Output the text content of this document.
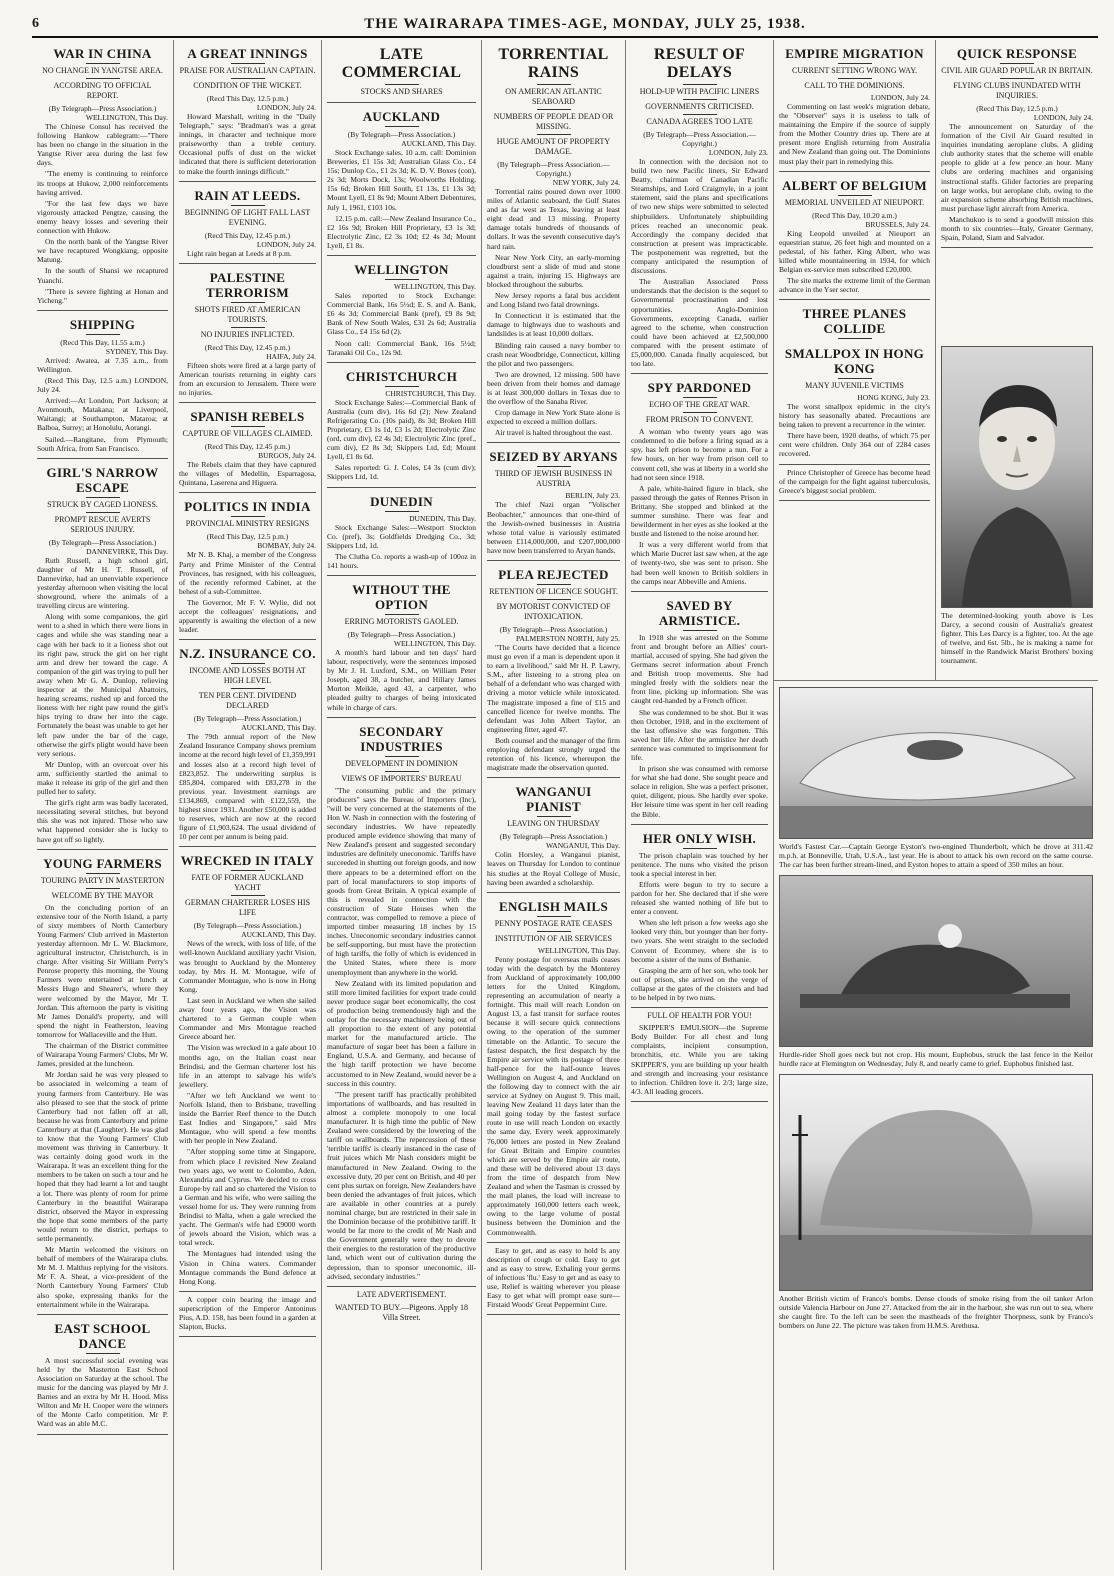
6	THE WAIRARAPA TIMES-AGE, MONDAY, JULY 25, 1938.
WAR IN CHINA
NO CHANGE IN YANGTSE AREA.
ACCORDING TO OFFICIAL REPORT.

(By Telegraph—Press Association.)

WELLINGTON, This Day.

The Chinese Consul has received the following Hankow cablegram:—"There has been no change in the situation in the Yangtse River area during the last few days.

"The enemy is continuing to reinforce its troops at Hukow, 2,000 reinforcements having arrived.

"For the last few days we have vigorously attacked Pengtze, causing the enemy heavy losses and severing their connection with Hukow.

On the north bank of the Yangtse River we have recaptured Wongkiang, opposite Matung.

In the south of Shansi we recaptured Yuanchi.

"There is severe fighting at Honan and Yicheng."

SHIPPING

(Recd This Day, 11.55 a.m.)

SYDNEY, This Day.

Arrived: Awatea, at 7.35 a.m., from Wellington.

(Recd This Day, 12.5 a.m.) LONDON, July 24.

Arrived:—At London, Port Jackson; at Avonmouth, Matakana; at Liverpool, Waitangi; at Southampton, Mataroa; at Balboa, Surrey; at Honolulu, Aorangi.

Sailed.—Rangitane, from Plymouth; South Africa, from San Francisco.

GIRL'S NARROW ESCAPE
STRUCK BY CAGED LIONESS.
PROMPT RESCUE AVERTS SERIOUS INJURY.

(By Telegraph—Press Association.)

DANNEVIRKE, This Day.

Ruth Russell, a high school girl, daughter of Mr H. T. Russell, of Dannevirke, had an unenviable experience yesterday afternoon when visiting the local showground, where the animals of a travelling circus are wintering.

Along with some companions, the girl went to a shed in which there were lions in cages and while she was standing near a cage with her back to it a lioness shot out its right paw, struck the girl on her right arm and drew her toward the cage. A companion of the girl was trying to pull her away when Mr G. A. Dunlop, relieving inspector at the Municipal Abattoirs, hearing screams, rushed up and forced the lioness with her right paw round the girl's hips trying to draw her into the cage. Fortunately the beast was unable to get her left paw under the bar of the cage, otherwise the girl's plight would have been very serious.

Mr Dunlop, with an overcoat over his arm, sufficiently startled the animal to make it release its grip of the girl and then pulled her to safety.

The girl's right arm was badly lacerated, necessitating several stitches, but beyond this she was not injured. Those who saw what happened consider she is lucky to have got off so lightly.

YOUNG FARMERS
TOURING PARTY IN MASTERTON
WELCOME BY THE MAYOR

On the concluding portion of an extensive tour of the North Island, a party of sixty members of North Canterbury Young Farmers' Club arrived in Masterton yesterday afternoon. Mr L. W. Blackmore, agricultural instructor, Christchurch, is in charge. After visiting Sir William Perry's Penrose property this morning, the Young Farmers were entertained at lunch at Messrs Hugo and Shearer's, where they were welcomed by the Mayor, Mr T. Jordan. This afternoon the party is visiting Mr James Donald's property, and will spend the night in Featherston, leaving tomorrow for Wallaceville and the Hutt.

The chairman of the District committee of Wairarapa Young Farmers' Clubs, Mr W. James, presided at the luncheon.

Mr Jordan said he was very pleased to be associated in welcoming a team of young farmers from Canterbury. He was also pleased to see that the stock of prime Canterbury had not fallen off at all, because he was from Canterbury and prime Canterbury at that (Laughter). He was glad to know that the Young Farmers' Club movement was thriving in Canterbury. It was certainly doing good work in the Wairarapa. It was an excellent thing for the members to be taken on such a tour and he hoped that they had learnt a lot and taught a lot. There was plenty of room for prime Canterbury in the beautiful Wairarapa district, observed the Mayor in expressing the hope that some members of the party would return to the district, perhaps to settle permanently.

Mr Martin welcomed the visitors on behalf of members of the Wairarapa clubs. Mr M. J. Malthus replying for the visitors. Mr F. A. Sheat, a vice-president of the North Canterbury Young Farmers' Club also spoke, expressing thanks for the entertainment while in the Wairarapa.

EAST SCHOOL DANCE

A most successful social evening was held by the Masterton East School Association on Saturday at the school. The music for the dancing was played by Mr J. Barnes and an extra by Mr H. Hood. Miss Wilton and Mr H. Cooper were the winners of the Monte Carlo competition. Mr P. Ward was an able M.C.

A GREAT INNINGS
PRAISE FOR AUSTRALIAN CAPTAIN.
CONDITION OF THE WICKET.

(Recd This Day, 12.5 p.m.)

LONDON, July 24.

Howard Marshall, writing in the "Daily Telegraph," says: "Bradman's was a great innings, in character and technique more praiseworthy than a treble century. Occasional puffs of dust on the wicket indicated that there is sufficient deterioration to make the fourth innings difficult."

RAIN AT LEEDS.
BEGINNING OF LIGHT FALL LAST EVENING.

(Recd This Day, 12.45 p.m.)

LONDON, July 24.

Light rain began at Leeds at 8 p.m.

PALESTINE TERRORISM
SHOTS FIRED AT AMERICAN TOURISTS.
NO INJURIES INFLICTED.

(Recd This Day, 12.45 p.m.)

HAIFA, July 24.

Fifteen shots were fired at a large party of American tourists returning in eighty cars from an excursion to Jerusalem. There were no injuries.

SPANISH REBELS
CAPTURE OF VILLAGES CLAIMED.

(Recd This Day, 12.45 p.m.)

BURGOS, July 24.

The Rebels claim that they have captured the villages of Medellin, Esparragosa, Quintana, Laserena and Higuera.

POLITICS IN INDIA
PROVINCIAL MINISTRY RESIGNS

(Recd This Day, 12.5 p.m.)

BOMBAY, July 24.

Mr N. B. Khaj, a member of the Congress Party and Prime Minister of the Central Provinces, has resigned, with his colleagues, of the recently reformed Cabinet, at the behest of a sub-Committee.

The Governor, Mr F. V. Wylie, did not accept the colleagues' resignations, and apparently is awaiting the election of a new leader.

N.Z. INSURANCE CO.
INCOME AND LOSSES BOTH AT HIGH LEVEL
TEN PER CENT. DIVIDEND DECLARED

(By Telegraph—Press Association.)

AUCKLAND, This Day.

The 79th annual report of the New Zealand Insurance Company shows premium income at the record high level of £1,359,991 and losses also at a record high level of £823,852. The underwriting surplus is £85,804, compared with £83,278 in the previous year. Investment earnings are £134,869, compared with £122,559, the highest since 1931. Another £50,000 is added to reserves, which are now at the record figure of £1,903,624. The usual dividend of 10 per cent per annum is being paid.

WRECKED IN ITALY
FATE OF FORMER AUCKLAND YACHT
GERMAN CHARTERER LOSES HIS LIFE

(By Telegraph—Press Association.)

AUCKLAND, This Day.

News of the wreck, with loss of life, of the well-known Auckland auxiliary yacht Vision, was brought to Auckland by the Monterey today, by Mrs H. M. Montague, wife of Commander Montague, who is now in Hong Kong.

Last seen in Auckland we when she sailed away four years ago, the Vision was chartered to a German couple when Commander and Mrs Montague reached Greece aboard her.

The Vision was wrecked in a gale about 10 months ago, on the Italian coast near Brindisi, and the German charterer lost his life in an attempt to salvage his wife's jewellery.

"After we left Auckland we went to Norfolk Island, then to Brisbane, travelling inside the Barrier Reef thence to the Dutch East Indies and Singapore," said Mrs Montague, who will spend a few months with her people in New Zealand.

"After stopping some time at Singapore, from which place I revisited New Zealand two years ago, we went to Colombo, Aden, Alexandria and Cyprus. We decided to cross Europe by rail and so chartered the Vision to a German and his wife, who were sailing the vessel home for us. They were running from Brindisi to Malta, when a gale wrecked the yacht. The German's wife had £9000 worth of jewels aboard the Vision, which was a total wreck.

The Montagues had intended using the Vision in China waters. Commander Montague commands the Bund defence at Hong Kong.

A copper coin bearing the image and superscription of the Emperor Antoninus Pius, A.D. 158, has been found in a garden at Slapton, Bucks.

LATE COMMERCIAL
STOCKS AND SHARES
AUCKLAND

(By Telegraph—Press Association.)

AUCKLAND, This Day.

Stock Exchange sales, 10 a.m. call: Dominion Breweries, £1 15s 3d; Australian Glass Co., £4 15s; Dunlop Co., £1 2s 3d; K. D. V. Boxes (con), 2s 3d; Morts Dock, 13s; Woolworths Holding, 15s 6d; Broken Hill South, £1 13s, £1 13s 3d; Mount Lyell, £1 8s 9d; Mount Albert Debentures, July 1, 1961, £103 10s.

12.15 p.m. call:—New Zealand Insurance Co., £2 16s 9d; Broken Hill Proprietary, £3 1s 3d; Electrolytic Zinc, £2 3s 10d; £2 4s 3d; Mount Lyell, £1 8s.

WELLINGTON

WELLINGTON, This Day.

Sales reported to Stock Exchange: Commercial Bank, 16s 5½d; E. S. and A. Bank, £6 4s 3d; Commercial Bank (pref), £9 8s 9d; Bank of New South Wales, £31 2s 6d; Australia Glass Co., £4 15s 6d (2).

Noon call: Commercial Bank, 16s 5½d; Taranaki Oil Co., 12s 9d.

CHRISTCHURCH

CHRISTCHURCH, This Day.

Stock Exchange Sales:—Commercial Bank of Australia (cum div), 16s 6d (2); New Zealand Refrigerating Co. (10s paid), 8s 3d; Broken Hill Proprietary, £3 1s 1d, £3 1s 2d; Electrolytic Zinc (ord, cum div), £2 4s 3d; Electrolytic Zinc (pref., cum div), £2 8s 3d; Skippers Ltd, £d; Mount Lyell, £1 8s 6d.

Sales reported: G. J. Coles, £4 3s (cum div); Skippers Ltd, 1d.

DUNEDIN

DUNEDIN, This Day.

Stock Exchange Sales:—Westport Stockton Co. (pref), 3s; Goldfields Dredging Co., 3d; Skippers Ltd, 1d.

The Clutha Co. reports a wash-up of 100oz in 141 hours.

WITHOUT THE OPTION
ERRING MOTORISTS GAOLED.

(By Telegraph—Press Association.)

WELLINGTON, This Day.

A month's hard labour and ten days' hard labour, respectively, were the sentences imposed by Mr J. H. Luxford, S.M., on William Peter Joseph, aged 38, a butcher, and Hillary James Morton Meikle, aged 43, a carpenter, who pleaded guilty to charges of being intoxicated while in charge of cars.

SECONDARY INDUSTRIES
DEVELOPMENT IN DOMINION
VIEWS OF IMPORTERS' BUREAU

"The consuming public and the primary producers" says the Bureau of Importers (Inc), "will be very concerned at the statements of the Hon W. Nash in connection with the fostering of secondary industries. We have repeatedly produced ample evidence showing that many of New Zealand's present and suggested secondary industries are definitely uneconomic. Tariffs have succeeded in shutting out foreign goods, and now there appears to be a determined effort on the part of local manufacturers to stop imports of goods from Great Britain. A typical example of this is revealed in connection with the construction of State Houses when the contractor, was compelled to remove a piece of imported timber measuring 18 inches by 15 inches. Uneconomic secondary industries cannot be self-supporting, but must have the protection of high tariffs, the folly of which is evidenced in the United States, where there is more unemployment than anywhere in the world.

New Zealand with its limited population and still more limited facilities for export trade could never produce sugar beet economically, the cost of production being tremendously high and the outlay for the necessary machinery being out of all proportion to the extent of any potential market for the manufactured article. The manufacture of sugar beet has been a failure in England, U.S.A. and Germany, and because of the high tariff protection we have become accustomed to in New Zealand, would never be a success in this country.

"The present tariff has practically prohibited importations of wallboards, and has resulted in almost a complete monopoly to one local manufacturer. It is high time the public of New Zealand were considered by the lowering of the tariff on wallboards. The repercussion of these 'terrible tariffs' is clearly instanced in the case of fruit juices which Mr Nash considers might be manufactured in New Zealand. Owing to the excessive duty, 20 per cent on British, and 40 per cent plus surtax on foreign, New Zealanders have been denied the advantages of fruit juices, which are available in other countries at a purely nominal charge, but are restricted in their sale in the Dominion because of the prohibitive tariff. It would be far more to the credit of Mr Nash and the Government generally were they to devote their energies to the restoration of the productive land, which went out of cultivation during the depression, than to sponsor uneconomic, ill-advised, secondary industries."

LATE ADVERTISEMENT.
WANTED TO BUY.—Pigeons. Apply 18 Villa Street.
TORRENTIAL RAINS
ON AMERICAN ATLANTIC SEABOARD
NUMBERS OF PEOPLE DEAD OR MISSING.
HUGE AMOUNT OF PROPERTY DAMAGE.

(By Telegraph—Press Association.—Copyright.)

NEW YORK, July 24.

Torrential rains poured down over 1000 miles of Atlantic seaboard, the Gulf States and as far west as Texas, leaving at least eight dead and 13 missing. Property damage totals hundreds of thousands of dollars. It was the seventh consecutive day's hard rain.

Near New York City, an early-morning cloudburst sent a slide of mud and stone against a train, injuring 15. Highways are blocked throughout the suburbs.

New Jersey reports a fatal bus accident and Long Island two fatal drownings.

In Connecticut it is estimated that the damage to highways due to washouts and landslides is at least 10,000 dollars.

Blinding rain caused a navy bomber to crash near Woodbridge, Connecticut, killing the pilot and two passengers.

Two are drowned, 12 missing. 500 have been driven from their homes and damage is at least 300,000 dollars in Texas due to the overflow of the Sanaba River.

Crop damage in New York State alone is expected to exceed a million dollars.

Air travel is halted throughout the east.

SEIZED BY ARYANS
THIRD OF JEWISH BUSINESS IN AUSTRIA

BERLIN, July 23.

The chief Nazi organ "Volischer Beobachter," announces that one-third of the Jewish-owned businesses in Austria whose total value is variously estimated between £114,000,000, and £207,000,000 have now been transferred to Aryan hands.

PLEA REJECTED
RETENTION OF LICENCE SOUGHT.
BY MOTORIST CONVICTED OF INTOXICATION.

(By Telegraph—Press Association.)

PALMERSTON NORTH, July 25.

"The Courts have decided that a licence must go even if a man is dependent upon it to earn a livelihood," said Mr H. P. Lawry, S.M., after listening to a strong plea on behalf of a defendant who was charged with driving a motor vehicle while intoxicated. The magistrate imposed a fine of £15 and cancelled licence for twelve months. The defendant was John Albert Taylor, an engineering fitter, aged 47.

Both counsel and the manager of the firm employing defendant strongly urged the retention of his licence, whereupon the magistrate made the observation quoted.

WANGANUI PIANIST
LEAVING ON THURSDAY

(By Telegraph—Press Association.)

WANGANUI, This Day.

Colin Horsley, a Wanganui pianist, leaves on Thursday for London to continue his studies at the Royal College of Music, having been awarded a scholarship.

ENGLISH MAILS
PENNY POSTAGE RATE CEASES
INSTITUTION OF AIR SERVICES

WELLINGTON, This Day.

Penny postage for overseas mails ceases today with the despatch by the Monterey from Auckland of approximately 100,000 letters for the United Kingdom, representing an accumulation of nearly a fortnight. This mail will reach London on August 13, a fast transit for surface routes because it will secure quick connections owing to the operation of the summer timetable on the Atlantic. To secure the fastest despatch, the first despatch by the Empire air service with its postage of three half-pence for the half-ounce leaves Wellington on August 4, and Auckland on the following day to connect with the air service at Sydney on August 9. This mail, leaving New Zealand 11 days later than the mail going today by the fastest surface route in use will reach London on exactly the same day. Every week approximately 76,000 letters are posted in New Zealand for Great Britain and Empire countries which are served by the Empire air route, and these will be delivered about 13 days from the time of despatch from New Zealand and when the Tasman is crossed by the mail planes, the load will increase to approximately 160,000 letters each week, owing to the large volume of postal business between the Dominion and the Commonwealth.

Easy to get, and as easy to hold Is any description of cough or cold. Easy to get and as easy to strew, Exhaling your germs of infectious 'flu.' Easy to get and as easy to use, Relief is waiting wherever you please Easy to get what will prompt ease sure— Firstaid Woods' Great Peppermint Cure.

RESULT OF DELAYS
HOLD-UP WITH PACIFIC LINERS
GOVERNMENTS CRITICISED.
CANADA AGREES TOO LATE

(By Telegraph—Press Association.—Copyright.)

LONDON, July 23.

In connection with the decision not to build two new Pacific liners, Sir Edward Beatty, chairman of Canadian Pacific Steamships, and Lord Craigmyle, in a joint statement, said the plans and specifications of two new ships were submitted to selected shipbuilders. Unfortunately shipbuilding prices reached an uneconomic peak. Accordingly the company decided that construction at present was impracticable. The postponement was regretted, but the company anticipated the resumption of discussions.

The Australian Associated Press understands that the decision is the sequel to Governmental procrastination and lost opportunities. Anglo-Dominion Governments, excepting Canada, earlier agreed to the scheme, when construction could have been achieved at £2,500,000 compared with the present estimate of £5,000,000. Canada finally acquiesced, but too late.

SPY PARDONED
ECHO OF THE GREAT WAR.
FROM PRISON TO CONVENT.

A woman who twenty years ago was condemned to die before a firing squad as a spy, has left prison to become a nun. For a few hours, on her way from prison cell to convent cell, she was at liberty in a world she had not seen since 1918.

A pale, white-haired figure in black, she passed through the gates of Rennes Prison in Brittany. She stopped and blinked at the summer sunshine. There was fear and bewilderment in her eyes as she looked at the bustle and listened to the noise around her.

It was a very different world from that which Marie Ducret last saw when, at the age of twenty-two, she was sent to prison. She had been well known to British soldiers in the camps near Abbeville and Amiens.

SAVED BY ARMISTICE.

In 1918 she was arrested on the Somme front and brought before an Allies' court-martial, accused of spying. She had given the Germans secret information about French and British troop movements. She had mingled freely with the soldiers near the front line, picking up information. She was caught red-handed by a French officer.

She was condemned to be shot. But it was then October, 1918, and in the excitement of the last offensive she was forgotten. This saved her life. After the armistice her death sentence was commuted to imprisonment for life.

In prison she was consumed with remorse for what she had done. She sought peace and solace in religion. She was a perfect prisoner, quiet, diligent, pious. She hardly ever spoke. Her leisure time was spent in her cell reading the Bible.

HER ONLY WISH.

The prison chaplain was touched by her penitence. The nuns who visited the prison took a special interest in her.

Efforts were begun to try to secure a pardon for her. She declared that if she were released she wanted nothing of life but to enter a convent.

When she left prison a few weeks ago she looked very thin, but younger than her forty-two years. She went straight to the secluded Convent of Ecommey, where she is to become a sister of the nuns of Bethanie.

Grasping the arm of her son, who took her out of prison, she arrived on the verge of collapse at the gates of the cloisters and had to be helped in by two nuns.

FULL OF HEALTH FOR YOU!

SKIPPER'S EMULSION—the Supreme Body Builder. For all chest and lung complaints, incipient consumption, bronchitis, etc. While you are taking SKIPPER'S, you are building up your health and strength and increasing your resistance to infection. Children love it. 2/3; large size, 4/3. All leading grocers.

EMPIRE MIGRATION
CURRENT SETTING WRONG WAY.
CALL TO THE DOMINIONS.

LONDON, July 24.

Commenting on last week's migration debate, the "Observer" says it is useless to talk of maintaining the Empire if the source of supply from the Mother Country dries up. There are at present more English returning from Australia and New Zealand than going out. The Dominions must play their part in remedying this.

ALBERT OF BELGIUM
MEMORIAL UNVEILED AT NIEUPORT.

(Recd This Day, 10.20 a.m.)

BRUSSELS, July 24.

King Leopold unveiled at Nieuport an equestrian statue, 26 feet high and mounted on a pedestal, of his father, King Albert, who was killed while mountaineering in 1934, for which Belgian ex-service men subscribed £20,000.

The site marks the extreme limit of the German advance in the Yser sector.

THREE PLANES COLLIDE

QUICK RESPONSE
CIVIL AIR GUARD POPULAR IN BRITAIN.
FLYING CLUBS INUNDATED WITH INQUIRIES.

(Recd This Day, 12.5 p.m.)

LONDON, July 24.

The announcement on Saturday of the formation of the Civil Air Guard resulted in inquiries inundating aeroplane clubs. A gliding club authority states that the scheme will enable people to glide at a few pence an hour. Many clubs are ordering machines and organising instructional staffs. Glider factories are preparing on large works, but aeroplane club, owing to the air expansion scheme absorbing British machines, must purchase light aircraft from America.

Manchukuo is to send a goodwill mission this month to six countries—Italy, Greater Germany, Spain, Poland, Siam and Salvador.

SMALLPOX IN HONG KONG
MANY JUVENILE VICTIMS

HONG KONG, July 23.

The worst smallpox epidemic in the city's history has seasonally abated. Precautions are being taken to prevent a recurrence in the winter.

There have been, 1920 deaths, of which 75 per cent were children. Only 364 out of 2284 cases recovered.

Prince Christopher of Greece has become head of the campaign for the fight against tuberculosis, Greece's biggest social problem.

The determined-looking youth above is Les Darcy, a second cousin of Australia's greatest fighter. This Les Darcy is a fighter, too. At the age of twelve, and 6st. 5lb., he is making a name for himself in the Randwick Marist Brothers' boxing tournament.

World's Fastest Car.—Captain George Eyston's two-engined Thunderbolt, which he drove at 311.42 m.p.h. at Bonneville, Utah, U.S.A., last year. He is about to attack his own record on the same course. The car has been further stream-lined, and Eyston hopes to attain a speed of 350 miles an hour.

Hurdle-rider Sholl goes neck but not crop. His mount, Euphobus, struck the last fence in the Keilor hurdle race at Flemington on Wednesday, July 8, and nearly came to grief. Euphobus finished last.

Another British victim of Franco's bombs. Dense clouds of smoke rising from the oil tanker Arlon outside Valencia Harbour on June 27. Attacked from the air in the harbour, she was run out to sea, where she caught fire. To the left can be seen the mastheads of the freighter Thorpness, sunk by Franco's bombers on June 22. The picture was taken from H.M.S. Arethusa.
